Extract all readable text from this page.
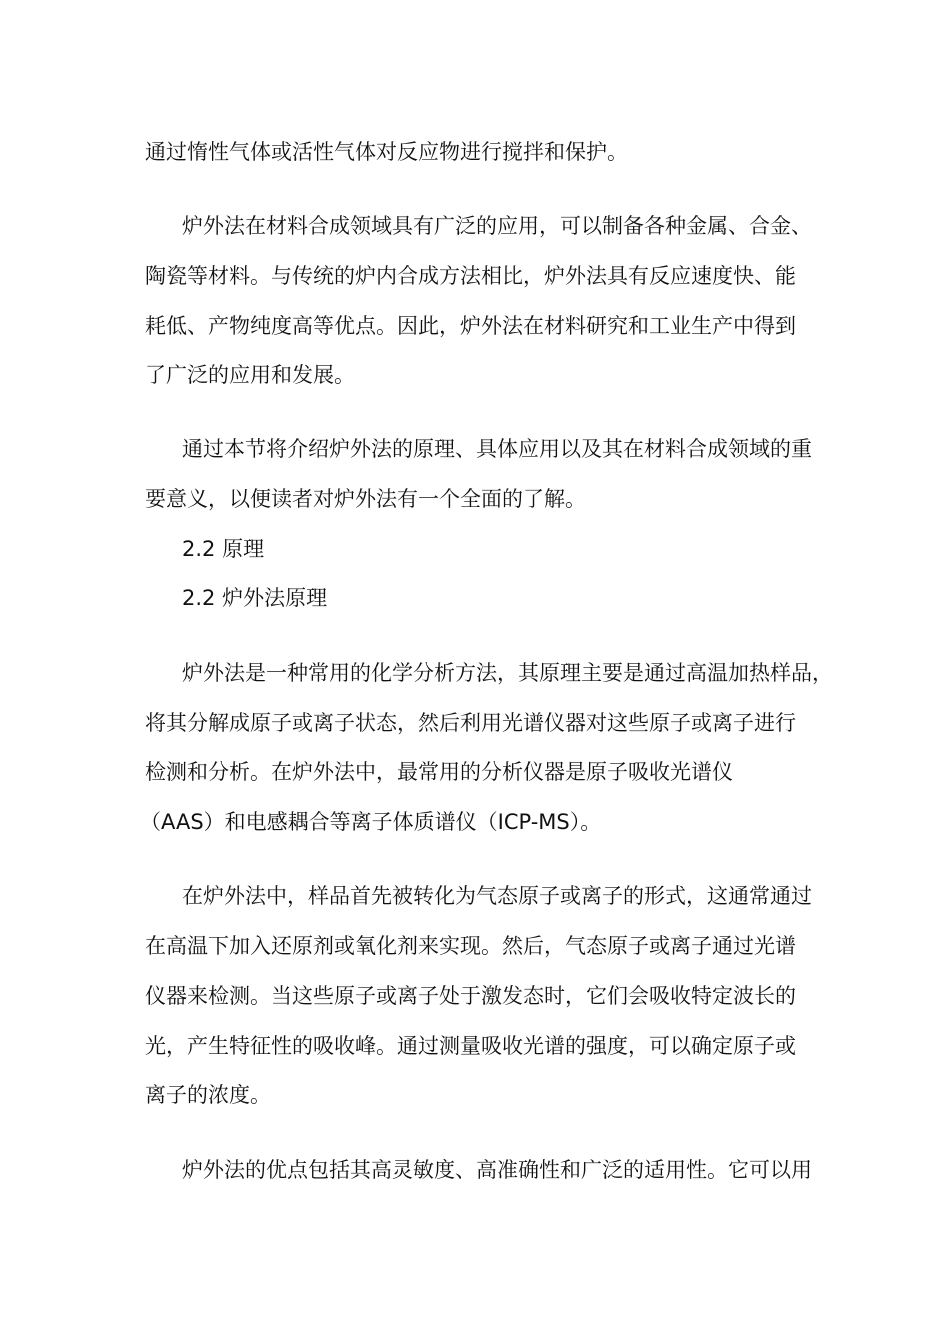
通过惰性气体或活性气体对反应物进行搅拌和保护。
炉外法在材料合成领域具有广泛的应用，可以制备各种金属、合金、
陶瓷等材料。与传统的炉内合成方法相比，炉外法具有反应速度快、能
耗低、产物纯度高等优点。因此，炉外法在材料研究和工业生产中得到
了广泛的应用和发展。
通过本节将介绍炉外法的原理、具体应用以及其在材料合成领域的重
要意义，以便读者对炉外法有一个全面的了解。
2.2 原理
2.2 炉外法原理
炉外法是一种常用的化学分析方法，其原理主要是通过高温加热样品，
将其分解成原子或离子状态，然后利用光谱仪器对这些原子或离子进行
检测和分析。在炉外法中，最常用的分析仪器是原子吸收光谱仪
（AAS）和电感耦合等离子体质谱仪（ICP-MS）。
在炉外法中，样品首先被转化为气态原子或离子的形式，这通常通过
在高温下加入还原剂或氧化剂来实现。然后，气态原子或离子通过光谱
仪器来检测。当这些原子或离子处于激发态时，它们会吸收特定波长的
光，产生特征性的吸收峰。通过测量吸收光谱的强度，可以确定原子或
离子的浓度。
炉外法的优点包括其高灵敏度、高准确性和广泛的适用性。它可以用
